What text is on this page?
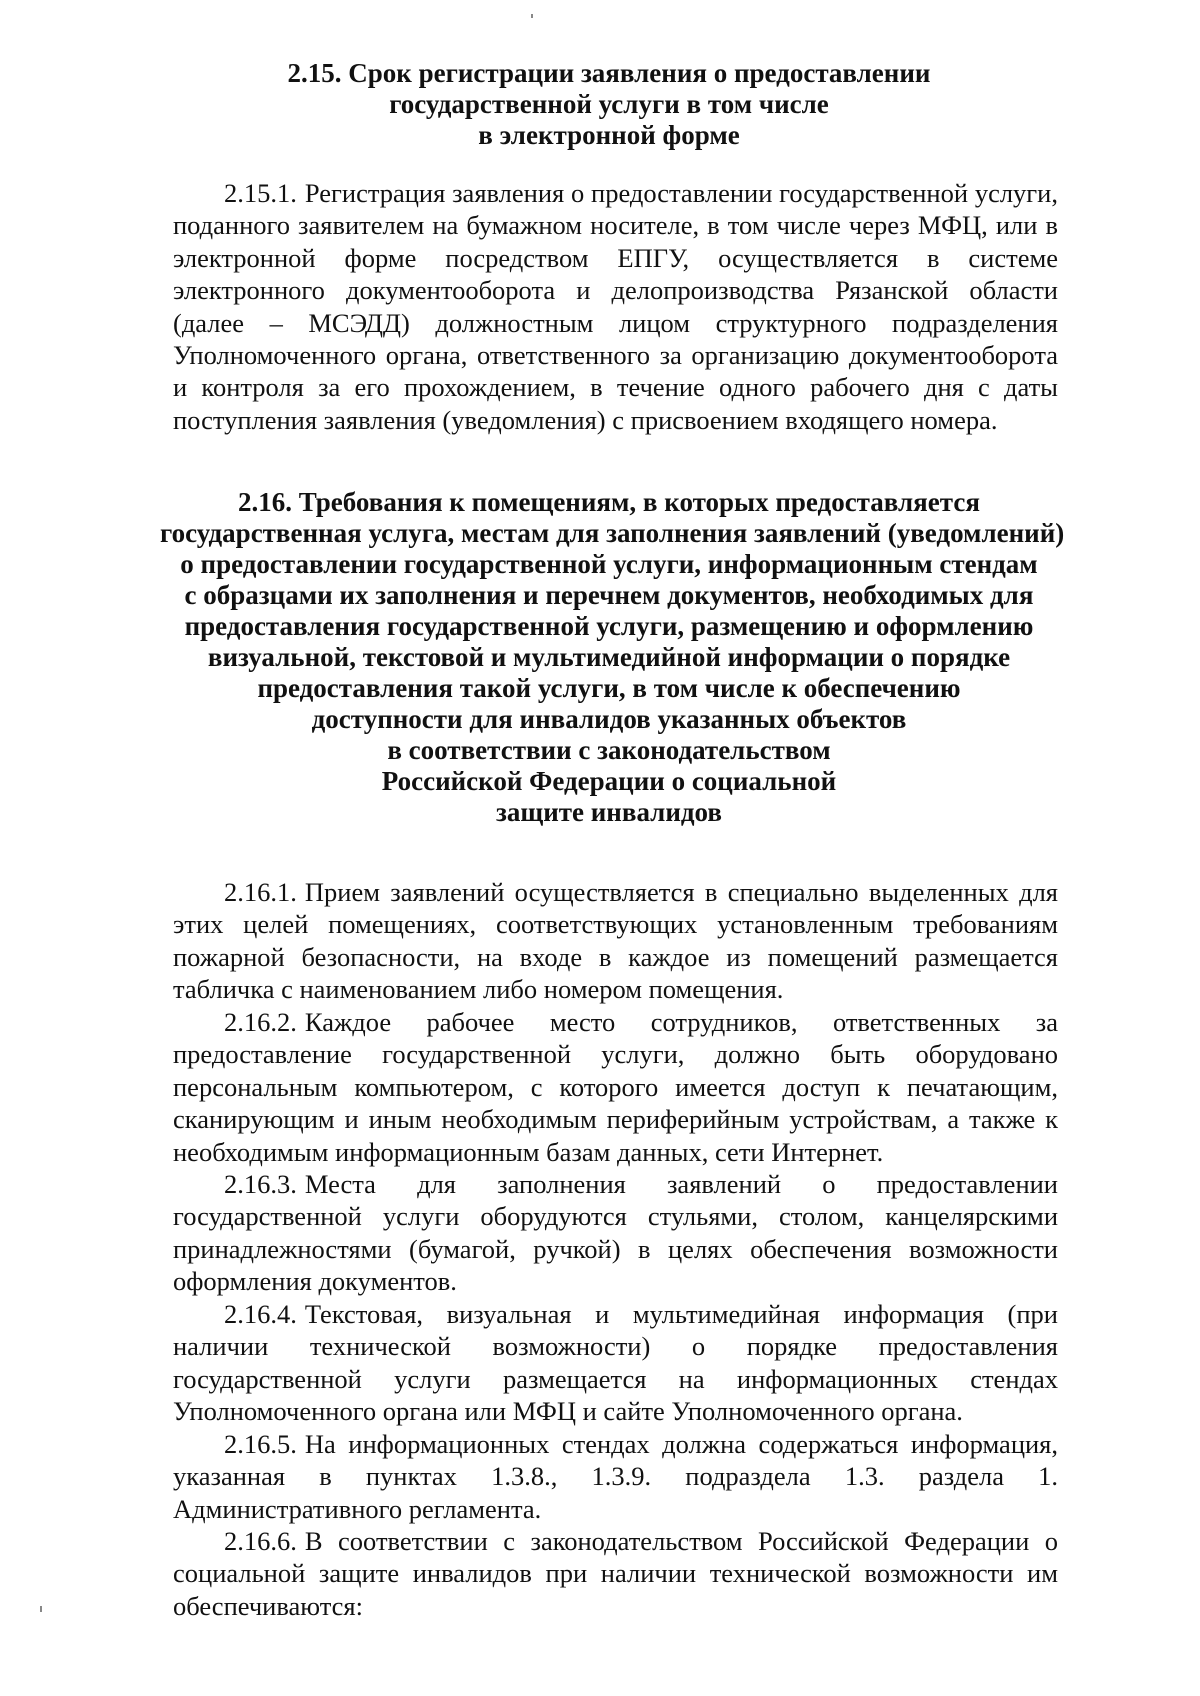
2.15. Срок регистрации заявления о предоставлении
государственной услуги в том числе
в электронной форме

2.15.1. Регистрация заявления о предоставлении государственной услуги, поданного заявителем на бумажном носителе, в том числе через МФЦ, или в электронной форме посредством ЕПГУ, осуществляется в системе электронного документооборота и делопроизводства Рязанской области (далее – МСЭДД) должностным лицом структурного подразделения Уполномоченного органа, ответственного за организацию документооборота и контроля за его прохождением, в течение одного рабочего дня с даты поступления заявления (уведомления) с присвоением входящего номера.

2.16. Требования к помещениям, в которых предоставляется
государственная услуга, местам для заполнения заявлений (уведомлений)
о предоставлении государственной услуги, информационным стендам
с образцами их заполнения и перечнем документов, необходимых для
предоставления государственной услуги, размещению и оформлению
визуальной, текстовой и мультимедийной информации о порядке
предоставления такой услуги, в том числе к обеспечению
доступности для инвалидов указанных объектов
в соответствии с законодательством
Российской Федерации о социальной
защите инвалидов

2.16.1. Прием заявлений осуществляется в специально выделенных для этих целей помещениях, соответствующих установленным требованиям пожарной безопасности, на входе в каждое из помещений размещается табличка с наименованием либо номером помещения.

2.16.2. Каждое рабочее место сотрудников, ответственных за предоставление государственной услуги, должно быть оборудовано персональным компьютером, с которого имеется доступ к печатающим, сканирующим и иным необходимым периферийным устройствам, а также к необходимым информационным базам данных, сети Интернет.

2.16.3. Места для заполнения заявлений о предоставлении государственной услуги оборудуются стульями, столом, канцелярскими принадлежностями (бумагой, ручкой) в целях обеспечения возможности оформления документов.

2.16.4. Текстовая, визуальная и мультимедийная информация (при наличии технической возможности) о порядке предоставления государственной услуги размещается на информационных стендах Уполномоченного органа или МФЦ и сайте Уполномоченного органа.

2.16.5. На информационных стендах должна содержаться информация, указанная в пунктах 1.3.8., 1.3.9. подраздела 1.3. раздела 1. Административного регламента.

2.16.6. В соответствии с законодательством Российской Федерации о социальной защите инвалидов при наличии технической возможности им обеспечиваются:
